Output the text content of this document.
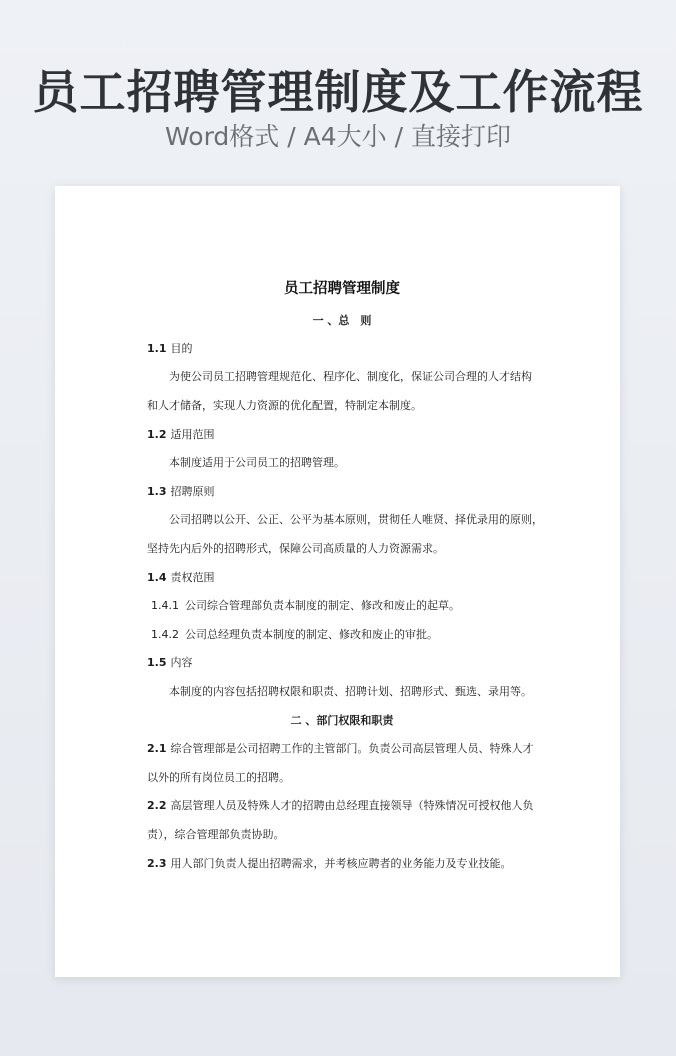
员工招聘管理制度及工作流程
Word格式 / A4大小 / 直接打印
员工招聘管理制度
一 、总　则
1.1 目的
为使公司员工招聘管理规范化、程序化、制度化，保证公司合理的人才结构
和人才储备，实现人力资源的优化配置，特制定本制度。
1.2 适用范围
本制度适用于公司员工的招聘管理。
1.3 招聘原则
公司招聘以公开、公正、公平为基本原则，贯彻任人唯贤、择优录用的原则，
坚持先内后外的招聘形式，保障公司高质量的人力资源需求。
1.4 责权范围
1.4.1 公司综合管理部负责本制度的制定、修改和废止的起草。
1.4.2 公司总经理负责本制度的制定、修改和废止的审批。
1.5 内容
本制度的内容包括招聘权限和职责、招聘计划、招聘形式、甄选、录用等。
二 、部门权限和职责
2.1 综合管理部是公司招聘工作的主管部门。负责公司高层管理人员、特殊人才
以外的所有岗位员工的招聘。
2.2 高层管理人员及特殊人才的招聘由总经理直接领导（特殊情况可授权他人负
责），综合管理部负责协助。
2.3 用人部门负责人提出招聘需求，并考核应聘者的业务能力及专业技能。
